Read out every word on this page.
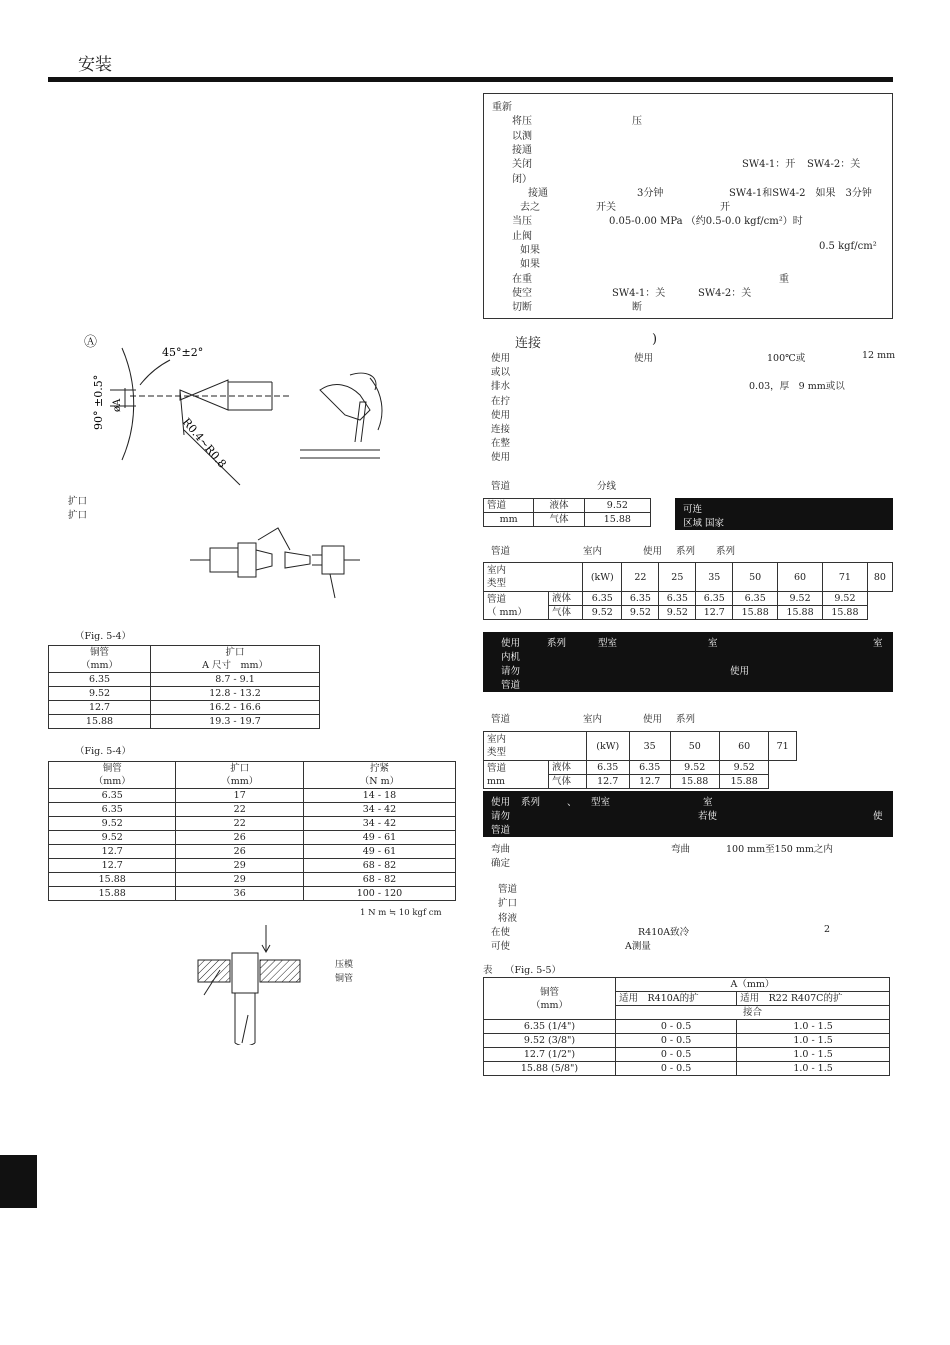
安装
重新
将压	压
以测
接通
关闭	SW4-1：开 SW4-2：关
闭）
接通	3分钟	SW4-1和SW4-2　如果　3分钟
去之	开关	开
当压	0.05-0.00 MPa （约0.5-0.0 kgf/cm²）时
止阀
如果	0.5 kgf/cm²
如果
在重	重
使空	SW4-1：关	SW4-2：关
切断	断
Ⓐ
45°±2°
90° ±0.5° øA
R0.4~R0.8
扩口
扩口
（Fig. 5-4）
铜管
（mm）	扩口
A 尺寸　mm）
6.35	8.7 - 9.1
9.52	12.8 - 13.2
12.7	16.2 - 16.6
15.88	19.3 - 19.7
（Fig. 5-4）
铜管
（mm）	扩口
（mm）	拧紧
（N m）
6.35	17	14 - 18
6.35	22	34 - 42
9.52	22	34 - 42
9.52	26	49 - 61
12.7	26	49 - 61
12.7	29	68 - 82
15.88	29	68 - 82
15.88	36	100 - 120
1 N m ≒ 10 kgf cm
压模
铜管
连接	)
使用	使用	100℃或	12 mm
或以
排水	0.03，厚　9 mm或以
在拧
使用
连接
在整
使用
管道	分线
管道	液体	9.52
mm	气体	15.88
可连
区域 国家
管道	室内	使用 系列 系列
室内
类型		(kW)	22	25	35	50	60	71	80
管道
（ mm）	液体	6.35	6.35	6.35	6.35	6.35	9.52	9.52	
	气体	9.52	9.52	9.52	12.7	15.88	15.88	15.88	
使用	系列	型室	室	室
内机
请勿	使用
管道
管道	室内	使用 系列
室内
类型		(kW)	35	50	60	71
管道
mm	液体	6.35	6.35	9.52	9.52	
	气体	12.7	12.7	15.88	15.88	
使用 系列	、 型室	室
请勿	若使	使
管道
弯曲	弯曲	100 mm至150 mm之内
确定
管道
扩口
将液
在使	R410A致冷	2
可使	A测量
表 （Fig. 5-5）
铜管
（mm）	A（mm）	
	适用　R410A的扩	适用　R22 R407C的扩
	接合	
6.35 (1/4")	0 - 0.5	1.0 - 1.5
9.52 (3/8")	0 - 0.5	1.0 - 1.5
12.7 (1/2")	0 - 0.5	1.0 - 1.5
15.88 (5/8")	0 - 0.5	1.0 - 1.5
